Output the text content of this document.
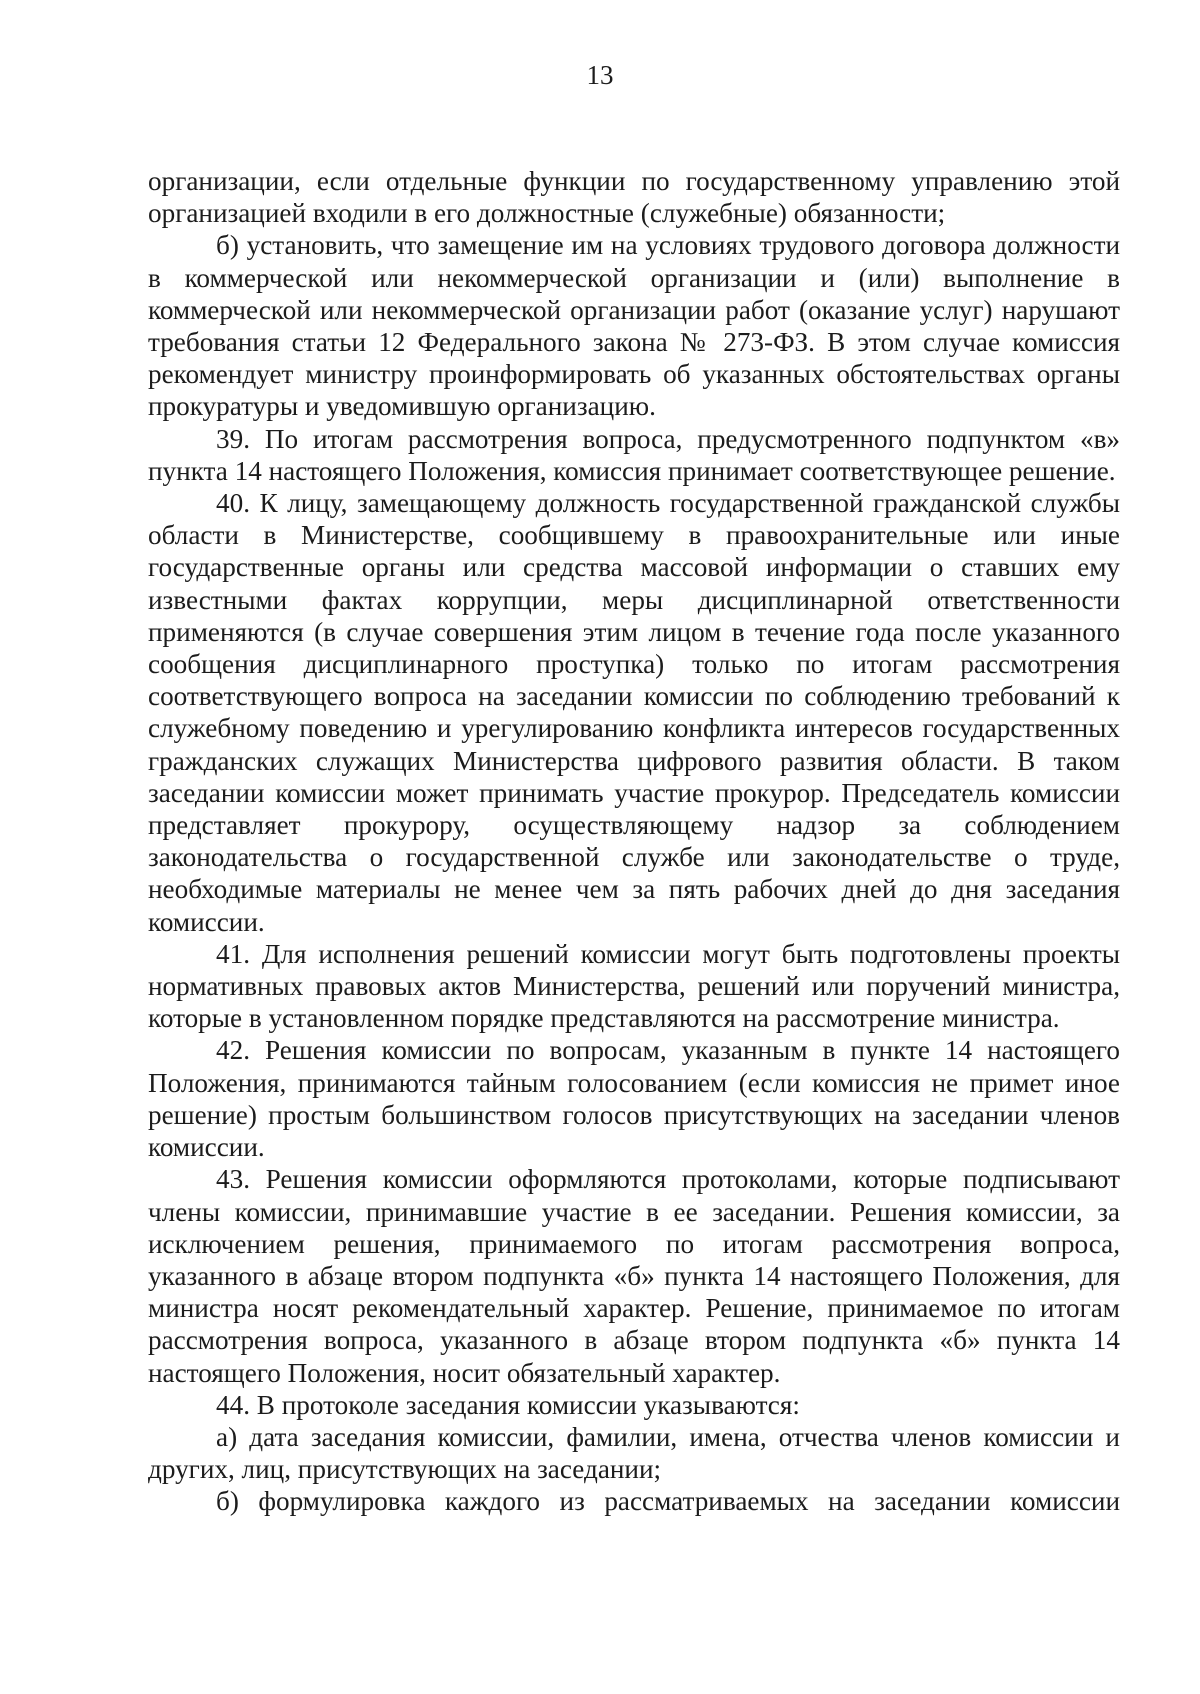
13

организации, если отдельные функции по государственному управлению этой организацией входили в его должностные (служебные) обязанности;

б) установить, что замещение им на условиях трудового договора должности в коммерческой или некоммерческой организации и (или) выполнение в коммерческой или некоммерческой организации работ (оказание услуг) нарушают требования статьи 12 Федерального закона № 273-ФЗ. В этом случае комиссия рекомендует министру проинформировать об указанных обстоятельствах органы прокуратуры и уведомившую организацию.

39. По итогам рассмотрения вопроса, предусмотренного подпунктом «в» пункта 14 настоящего Положения, комиссия принимает соответствующее решение.

40. К лицу, замещающему должность государственной гражданской службы области в Министерстве, сообщившему в правоохранительные или иные государственные органы или средства массовой информации о ставших ему известными фактах коррупции, меры дисциплинарной ответственности применяются (в случае совершения этим лицом в течение года после указанного сообщения дисциплинарного проступка) только по итогам рассмотрения соответствующего вопроса на заседании комиссии по соблюдению требований к служебному поведению и урегулированию конфликта интересов государственных гражданских служащих Министерства цифрового развития области. В таком заседании комиссии может принимать участие прокурор. Председатель комиссии представляет прокурору, осуществляющему надзор за соблюдением законодательства о государственной службе или законодательстве о труде, необходимые материалы не менее чем за пять рабочих дней до дня заседания комиссии.

41. Для исполнения решений комиссии могут быть подготовлены проекты нормативных правовых актов Министерства, решений или поручений министра, которые в установленном порядке представляются на рассмотрение министра.

42. Решения комиссии по вопросам, указанным в пункте 14 настоящего Положения, принимаются тайным голосованием (если комиссия не примет иное решение) простым большинством голосов присутствующих на заседании членов комиссии.

43. Решения комиссии оформляются протоколами, которые подписывают члены комиссии, принимавшие участие в ее заседании. Решения комиссии, за исключением решения, принимаемого по итогам рассмотрения вопроса, указанного в абзаце втором подпункта «б» пункта 14 настоящего Положения, для министра носят рекомендательный характер. Решение, принимаемое по итогам рассмотрения вопроса, указанного в абзаце втором подпункта «б» пункта 14 настоящего Положения, носит обязательный характер.

44. В протоколе заседания комиссии указываются:

а) дата заседания комиссии, фамилии, имена, отчества членов комиссии и других, лиц, присутствующих на заседании;

б) формулировка каждого из рассматриваемых на заседании комиссии
